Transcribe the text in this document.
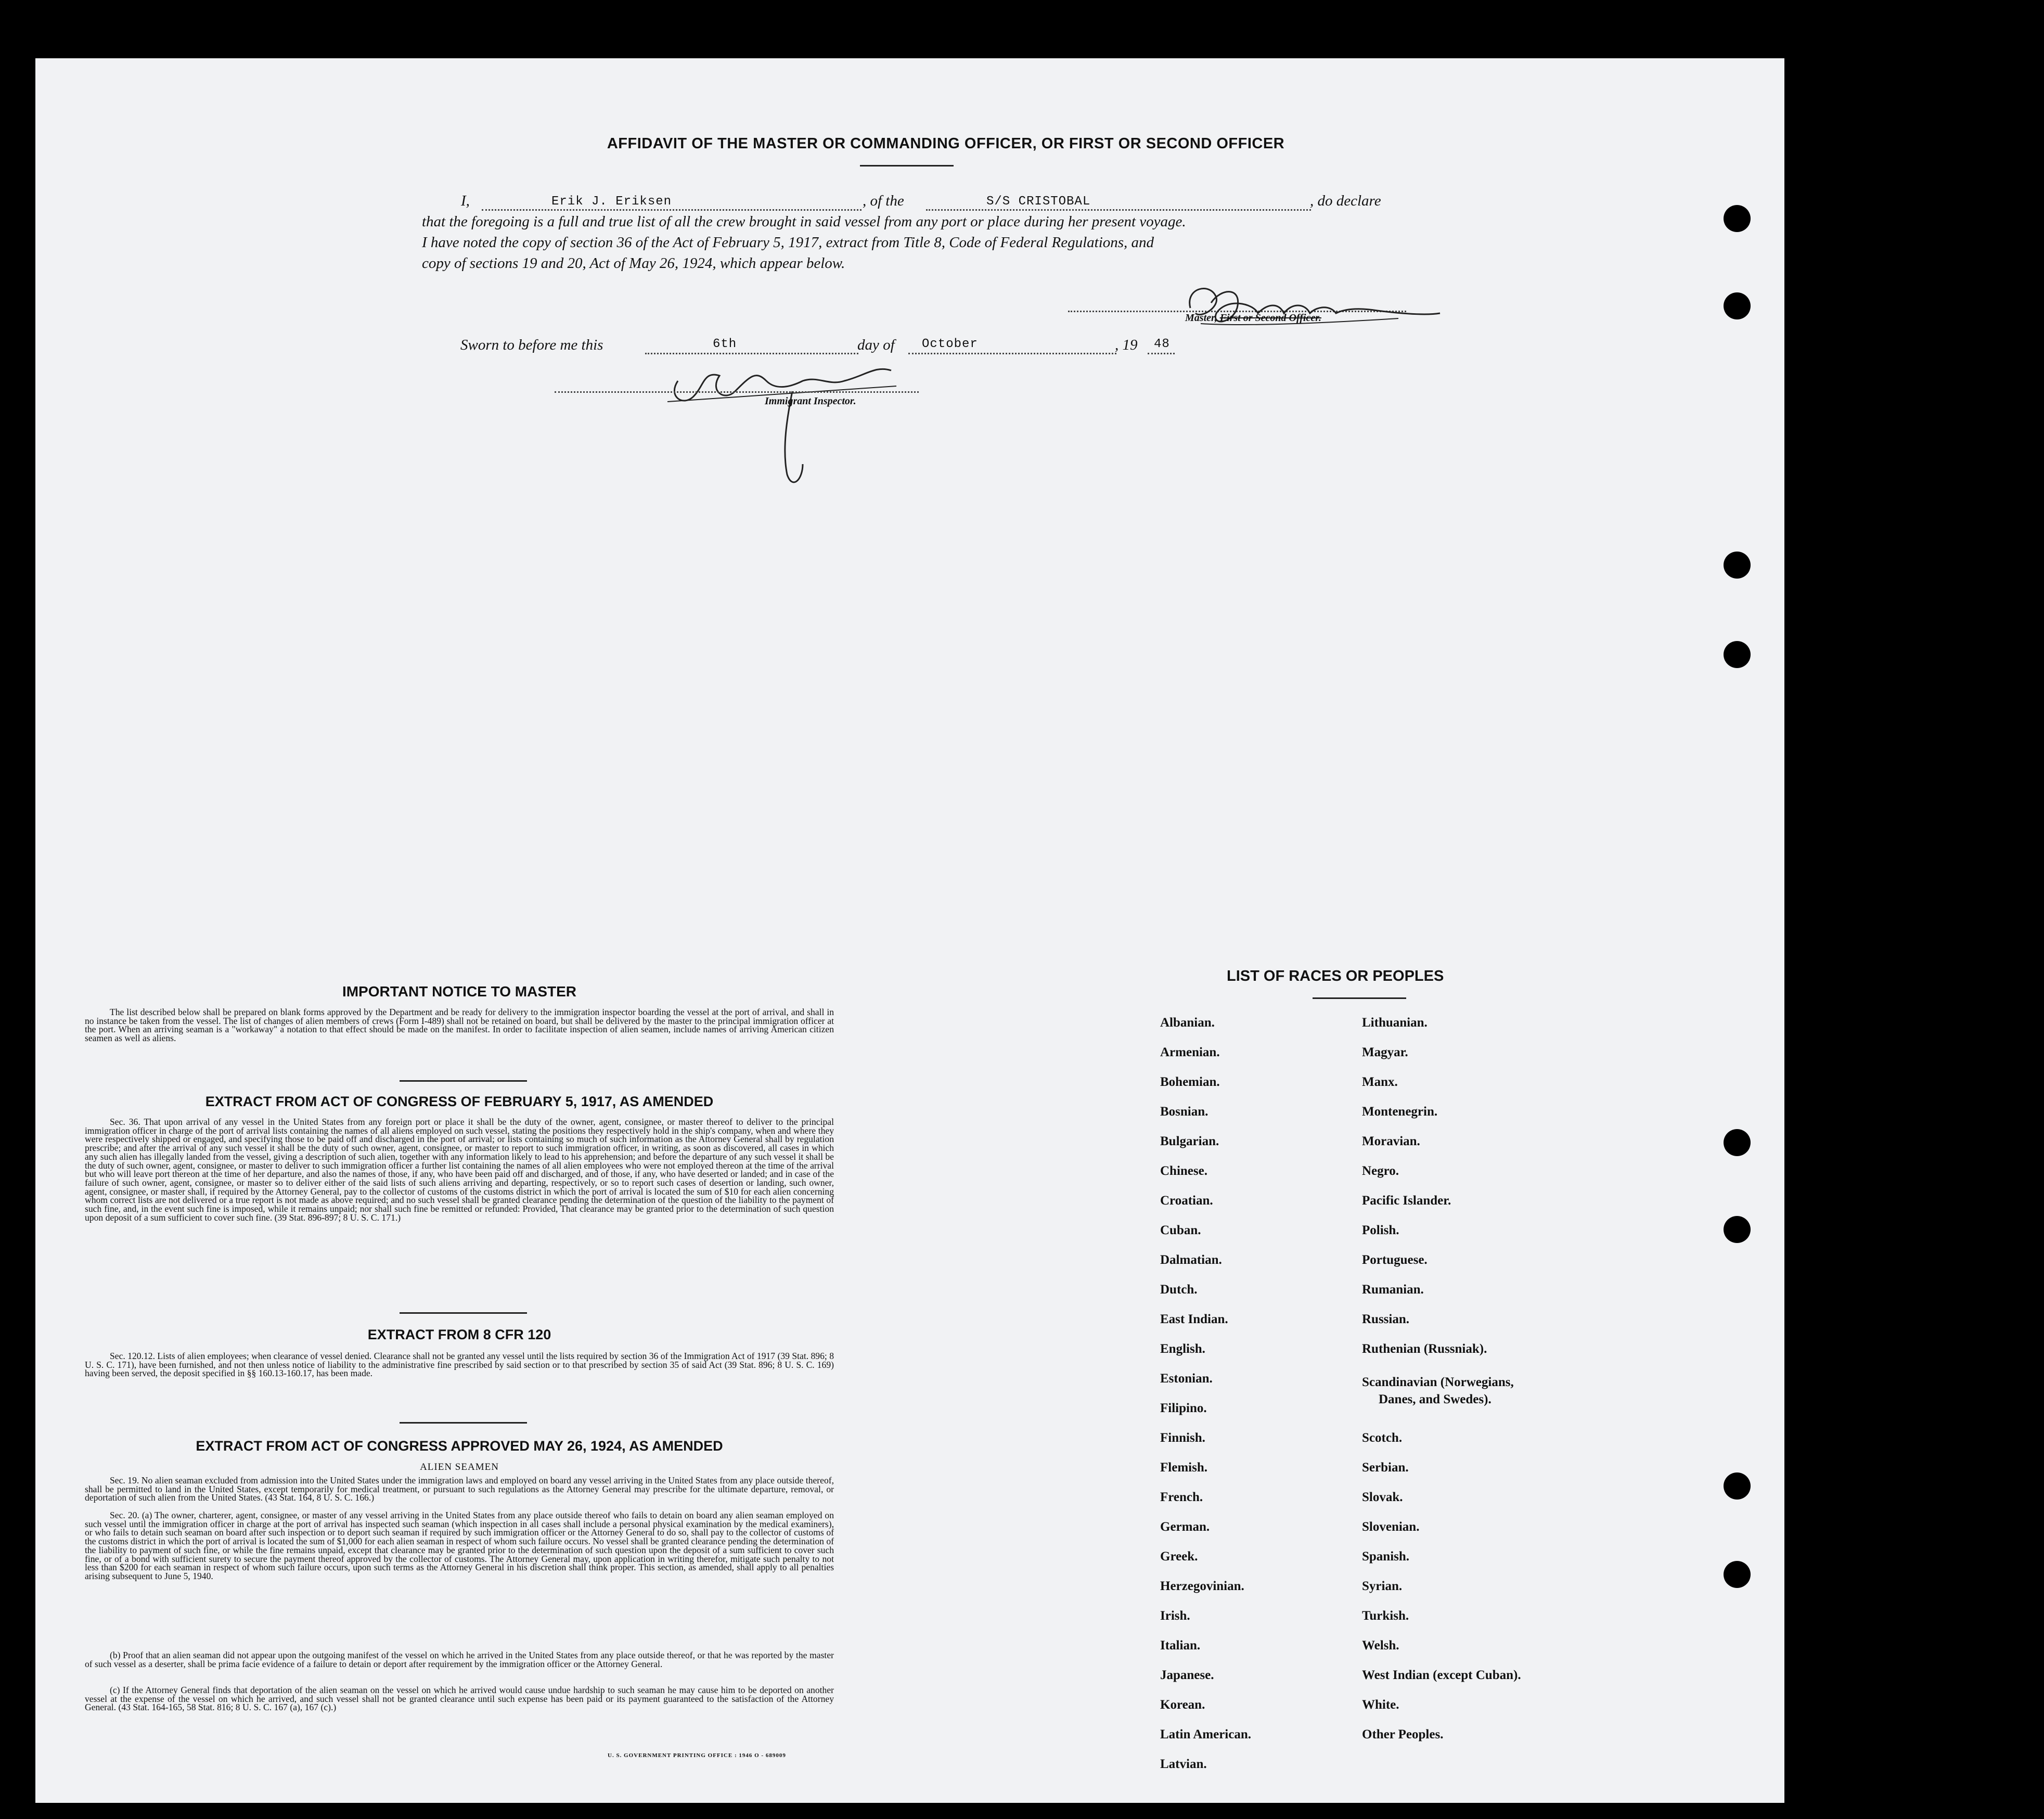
AFFIDAVIT OF THE MASTER OR COMMANDING OFFICER, OR FIRST OR SECOND OFFICER
I,	Erik J. Eriksen	, of the	S/S CRISTOBAL	, do declare
that the foregoing is a full and true list of all the crew brought in said vessel from any port or place during her present voyage.
I have noted the copy of section 36 of the Act of February 5, 1917, extract from Title 8, Code of Federal Regulations, and
copy of sections 19 and 20, Act of May 26, 1924, which appear below.
Master, First or Second Officer.
Sworn to before me this	6th	day of October	, 19 48
Immigrant Inspector.
IMPORTANT NOTICE TO MASTER

The list described below shall be prepared on blank forms approved by the Department and be ready for delivery to the immigration inspector boarding the vessel at the port of arrival, and shall in no instance be taken from the vessel. The list of changes of alien members of crews (Form I-489) shall not be retained on board, but shall be delivered by the master to the principal immigration officer at the port. When an arriving seaman is a "workaway" a notation to that effect should be made on the manifest. In order to facilitate inspection of alien seamen, include names of arriving American citizen seamen as well as aliens.

EXTRACT FROM ACT OF CONGRESS OF FEBRUARY 5, 1917, AS AMENDED

Sec. 36. That upon arrival of any vessel in the United States from any foreign port or place it shall be the duty of the owner, agent, consignee, or master thereof to deliver to the principal immigration officer in charge of the port of arrival lists containing the names of all aliens employed on such vessel, stating the positions they respectively hold in the ship's company, when and where they were respectively shipped or engaged, and specifying those to be paid off and discharged in the port of arrival; or lists containing so much of such information as the Attorney General shall by regulation prescribe; and after the arrival of any such vessel it shall be the duty of such owner, agent, consignee, or master to report to such immigration officer, in writing, as soon as discovered, all cases in which any such alien has illegally landed from the vessel, giving a description of such alien, together with any information likely to lead to his apprehension; and before the departure of any such vessel it shall be the duty of such owner, agent, consignee, or master to deliver to such immigration officer a further list containing the names of all alien employees who were not employed thereon at the time of the arrival but who will leave port thereon at the time of her departure, and also the names of those, if any, who have been paid off and discharged, and of those, if any, who have deserted or landed; and in case of the failure of such owner, agent, consignee, or master so to deliver either of the said lists of such aliens arriving and departing, respectively, or so to report such cases of desertion or landing, such owner, agent, consignee, or master shall, if required by the Attorney General, pay to the collector of customs of the customs district in which the port of arrival is located the sum of $10 for each alien concerning whom correct lists are not delivered or a true report is not made as above required; and no such vessel shall be granted clearance pending the determination of the question of the liability to the payment of such fine, and, in the event such fine is imposed, while it remains unpaid; nor shall such fine be remitted or refunded: Provided, That clearance may be granted prior to the determination of such question upon deposit of a sum sufficient to cover such fine. (39 Stat. 896-897; 8 U. S. C. 171.)

EXTRACT FROM 8 CFR 120

Sec. 120.12. Lists of alien employees; when clearance of vessel denied. Clearance shall not be granted any vessel until the lists required by section 36 of the Immigration Act of 1917 (39 Stat. 896; 8 U. S. C. 171), have been furnished, and not then unless notice of liability to the administrative fine prescribed by said section or to that prescribed by section 35 of said Act (39 Stat. 896; 8 U. S. C. 169) having been served, the deposit specified in §§ 160.13-160.17, has been made.

EXTRACT FROM ACT OF CONGRESS APPROVED MAY 26, 1924, AS AMENDED
ALIEN SEAMEN

Sec. 19. No alien seaman excluded from admission into the United States under the immigration laws and employed on board any vessel arriving in the United States from any place outside thereof, shall be permitted to land in the United States, except temporarily for medical treatment, or pursuant to such regulations as the Attorney General may prescribe for the ultimate departure, removal, or deportation of such alien from the United States. (43 Stat. 164, 8 U. S. C. 166.)

Sec. 20. (a) The owner, charterer, agent, consignee, or master of any vessel arriving in the United States from any place outside thereof who fails to detain on board any alien seaman employed on such vessel until the immigration officer in charge at the port of arrival has inspected such seaman (which inspection in all cases shall include a personal physical examination by the medical examiners), or who fails to detain such seaman on board after such inspection or to deport such seaman if required by such immigration officer or the Attorney General to do so, shall pay to the collector of customs of the customs district in which the port of arrival is located the sum of $1,000 for each alien seaman in respect of whom such failure occurs. No vessel shall be granted clearance pending the determination of the liability to payment of such fine, or while the fine remains unpaid, except that clearance may be granted prior to the determination of such question upon the deposit of a sum sufficient to cover such fine, or of a bond with sufficient surety to secure the payment thereof approved by the collector of customs. The Attorney General may, upon application in writing therefor, mitigate such penalty to not less than $200 for each seaman in respect of whom such failure occurs, upon such terms as the Attorney General in his discretion shall think proper. This section, as amended, shall apply to all penalties arising subsequent to June 5, 1940.

(b) Proof that an alien seaman did not appear upon the outgoing manifest of the vessel on which he arrived in the United States from any place outside thereof, or that he was reported by the master of such vessel as a deserter, shall be prima facie evidence of a failure to detain or deport after requirement by the immigration officer or the Attorney General.

(c) If the Attorney General finds that deportation of the alien seaman on the vessel on which he arrived would cause undue hardship to such seaman he may cause him to be deported on another vessel at the expense of the vessel on which he arrived, and such vessel shall not be granted clearance until such expense has been paid or its payment guaranteed to the satisfaction of the Attorney General. (43 Stat. 164-165, 58 Stat. 816; 8 U. S. C. 167 (a), 167 (c).)

U. S. GOVERNMENT PRINTING OFFICE : 1946 O - 689009
LIST OF RACES OR PEOPLES
Albanian.
Armenian.
Bohemian.
Bosnian.
Bulgarian.
Chinese.
Croatian.
Cuban.
Dalmatian.
Dutch.
East Indian.
English.
Estonian.
Filipino.
Finnish.
Flemish.
French.
German.
Greek.
Herzegovinian.
Irish.
Italian.
Japanese.
Korean.
Latin American.
Latvian.
Lithuanian.
Magyar.
Manx.
Montenegrin.
Moravian.
Negro.
Pacific Islander.
Polish.
Portuguese.
Rumanian.
Russian.
Ruthenian (Russniak).
Scandinavian (Norwegians,
Danes, and Swedes).
Scotch.
Serbian.
Slovak.
Slovenian.
Spanish.
Syrian.
Turkish.
Welsh.
West Indian (except Cuban).
White.
Other Peoples.
